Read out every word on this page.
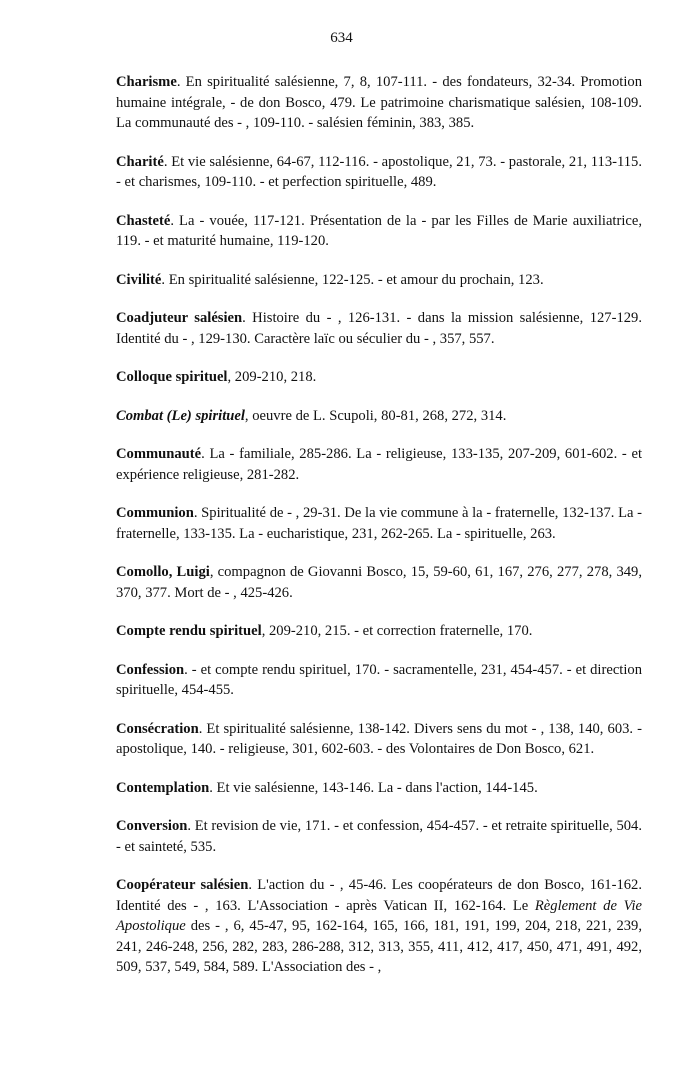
634

Charisme. En spiritualité salésienne, 7, 8, 107-111. - des fondateurs, 32-34. Promotion humaine intégrale, - de don Bosco, 479. Le patrimoine charismatique salésien, 108-109. La communauté des - , 109-110. - salésien féminin, 383, 385.

Charité. Et vie salésienne, 64-67, 112-116. - apostolique, 21, 73. - pastorale, 21, 113-115. - et charismes, 109-110. - et perfection spirituelle, 489.

Chasteté. La - vouée, 117-121. Présentation de la - par les Filles de Marie auxiliatrice, 119. - et maturité humaine, 119-120.

Civilité. En spiritualité salésienne, 122-125. - et amour du prochain, 123.

Coadjuteur salésien. Histoire du - , 126-131. - dans la mission salésienne, 127-129. Identité du - , 129-130. Caractère laïc ou séculier du - , 357, 557.

Colloque spirituel, 209-210, 218.

Combat (Le) spirituel, oeuvre de L. Scupoli, 80-81, 268, 272, 314.

Communauté. La - familiale, 285-286. La - religieuse, 133-135, 207-209, 601-602. - et expérience religieuse, 281-282.

Communion. Spiritualité de - , 29-31. De la vie commune à la - fraternelle, 132-137. La - fraternelle, 133-135. La - eucharistique, 231, 262-265. La - spirituelle, 263.

Comollo, Luigi, compagnon de Giovanni Bosco, 15, 59-60, 61, 167, 276, 277, 278, 349, 370, 377. Mort de - , 425-426.

Compte rendu spirituel, 209-210, 215. - et correction fraternelle, 170.

Confession. - et compte rendu spirituel, 170. - sacramentelle, 231, 454-457. - et direction spirituelle, 454-455.

Consécration. Et spiritualité salésienne, 138-142. Divers sens du mot - , 138, 140, 603. - apostolique, 140. - religieuse, 301, 602-603. - des Volontaires de Don Bosco, 621.

Contemplation. Et vie salésienne, 143-146. La - dans l'action, 144-145.

Conversion. Et revision de vie, 171. - et confession, 454-457. - et retraite spirituelle, 504. - et sainteté, 535.

Coopérateur salésien. L'action du - , 45-46. Les coopérateurs de don Bosco, 161-162. Identité des - , 163. L'Association - après Vatican II, 162-164. Le Règlement de Vie Apostolique des - , 6, 45-47, 95, 162-164, 165, 166, 181, 191, 199, 204, 218, 221, 239, 241, 246-248, 256, 282, 283, 286-288, 312, 313, 355, 411, 412, 417, 450, 471, 491, 492, 509, 537, 549, 584, 589. L'Association des - ,
